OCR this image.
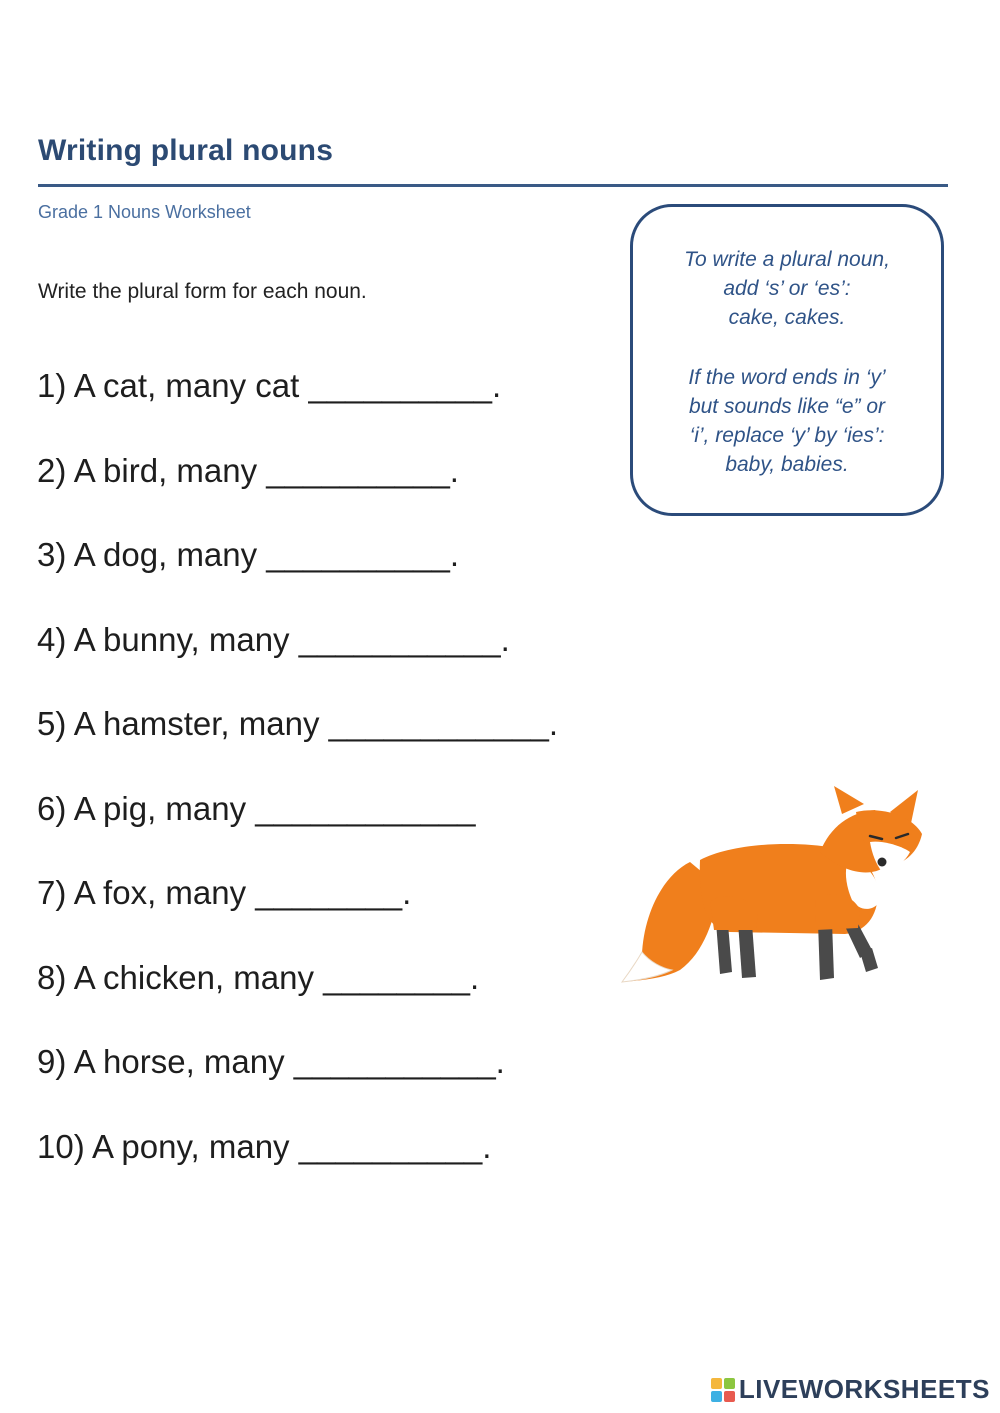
Writing plural nouns
Grade 1 Nouns Worksheet
Write the plural form for each noun.
To write a plural noun,
add ‘s’ or ‘es’:
cake, cakes.
If the word ends in ‘y’
but sounds like “e” or
‘i’, replace ‘y’ by ‘ies’:
baby, babies.
1) A cat, many cat __________.
2) A bird, many __________.
3) A dog, many __________.
4) A bunny, many ___________.
5) A hamster, many ____________.
6) A pig, many ____________
7) A fox, many ________.
8) A chicken, many ________.
9) A horse, many ___________.
10) A pony, many __________.
LIVEWORKSHEETS
